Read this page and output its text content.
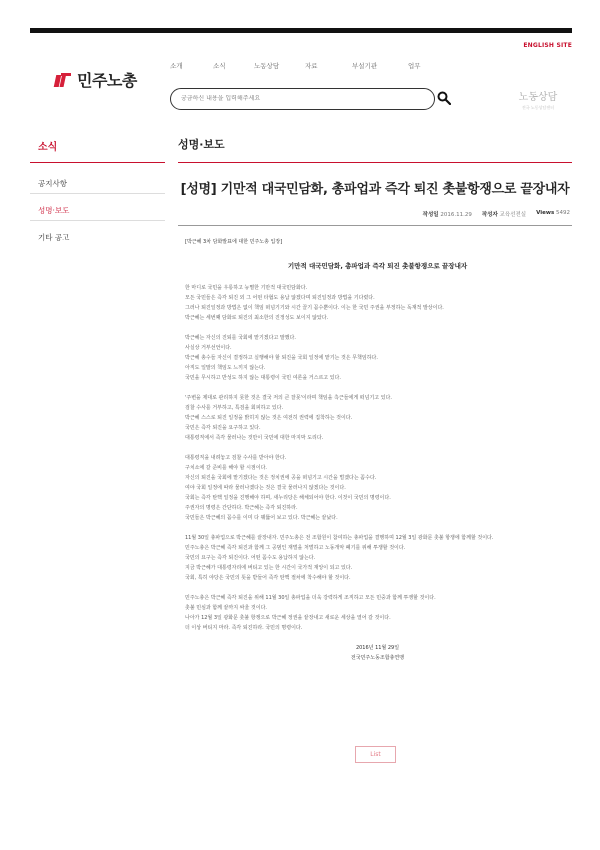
ENGLISH SITE
민주노총
소개	소식	노동상담	자료	부설기관	업무
궁금하신 내용을 입력해주세요
노동상담
전국 노동상담센터
소식
공지사항
성명·보도
기타 공고
성명·보도
[성명] 기만적 대국민담화, 총파업과 즉각 퇴진 촛불항쟁으로 끝장내자
작성일 2016.11.29 작성자 교육선전실 Views 5492
[박근혜 3차 담화발표에 대한 민주노총 입장]
기만적 대국민담화, 총파업과 즉각 퇴진 촛불항쟁으로 끝장내자

한 마디로 국민을 우롱하고 능멸한 기만적 대국민담화다.

모든 국민들은 즉각 퇴진 외 그 어떤 타협도 용납 않겠다며 퇴진일정과 방법을 기다렸다.

그러나 퇴진일정과 방법은 없이 책임 떠넘기기와 시간 끌기 꼼수뿐이다. 이는 한 국민 주권을 부정하는 독재적 발상이다.

박근혜는 세번째 담화로 퇴진의 최소한의 진정성도 보이지 않았다.

박근혜는 자신의 진퇴를 국회에 맡기겠다고 말했다.

사실상 거부선언이다.

박근혜 총수들 자신이 결정하고 실행해야 할 퇴진을 국회 일정에 맡기는 것은 무책임하다.

아직도 일말의 책임도 느끼지 않는다.

국민을 무시하고 반성도 하지 않는 대통령이 국민 여론을 거스르고 있다.

'주변을 제대로 관리하지 못한 것은 결국 저의 큰 잘못'이라며 책임을 측근들에게 떠넘기고 있다.

검찰 수사를 거부하고, 특검을 회피하고 있다.

박근혜 스스로 퇴진 일정을 밝히지 않는 것은 여전히 권력에 집착하는 것이다.

국민은 즉각 퇴진을 요구하고 있다.

대통령직에서 즉각 물러나는 것만이 국민에 대한 마지막 도리다.

대통령직을 내려놓고 검찰 수사를 받아야 한다.

구치소에 갈 준비를 해야 할 시점이다.

자신의 퇴진을 국회에 맡기겠다는 것은 정치권에 공을 떠넘기고 시간을 벌겠다는 꼼수다.

여야 국회 일정에 따라 물러나겠다는 것은 결국 물러나지 않겠다는 것이다.

국회는 즉각 탄핵 일정을 진행해야 하며, 새누리당은 해체되어야 한다. 이것이 국민의 명령이다.

주권자의 명령은 간단하다. 박근혜는 즉각 퇴진하라.

국민들은 박근혜의 꼼수를 이미 다 꿰뚫어 보고 있다. 박근혜는 끝났다.

11월 30일 총파업으로 박근혜를 끝장내자. 민주노총은 전 조합원이 참여하는 총파업을 결행하며 12월 3일 광화문 촛불 항쟁에 함께할 것이다.

민주노총은 박근혜 즉각 퇴진과 함께 그 공범인 재벌을 처벌하고 노동개악 폐기를 위해 투쟁할 것이다.

국민의 요구는 즉각 퇴진이다. 어떤 꼼수도 용납하지 않는다.

지금 박근혜가 대통령자리에 버티고 있는 한 시간이 국가적 재앙이 되고 있다.

국회, 특히 야당은 국민의 뜻을 받들어 즉각 탄핵 절차에 착수해야 할 것이다.

민주노총은 박근혜 즉각 퇴진을 위해 11월 30일 총파업을 더욱 강력하게 조직하고 모든 민중과 함께 투쟁할 것이다.

촛불 민심과 함께 끝까지 싸울 것이다.

나아가 12월 3일 광화문 촛불 항쟁으로 박근혜 정권을 끝장내고 새로운 세상을 열어 갈 것이다.

더 이상 버티지 마라. 즉각 퇴진하라. 국민의 명령이다.

2016년 11월 29일
전국민주노동조합총연맹
List
